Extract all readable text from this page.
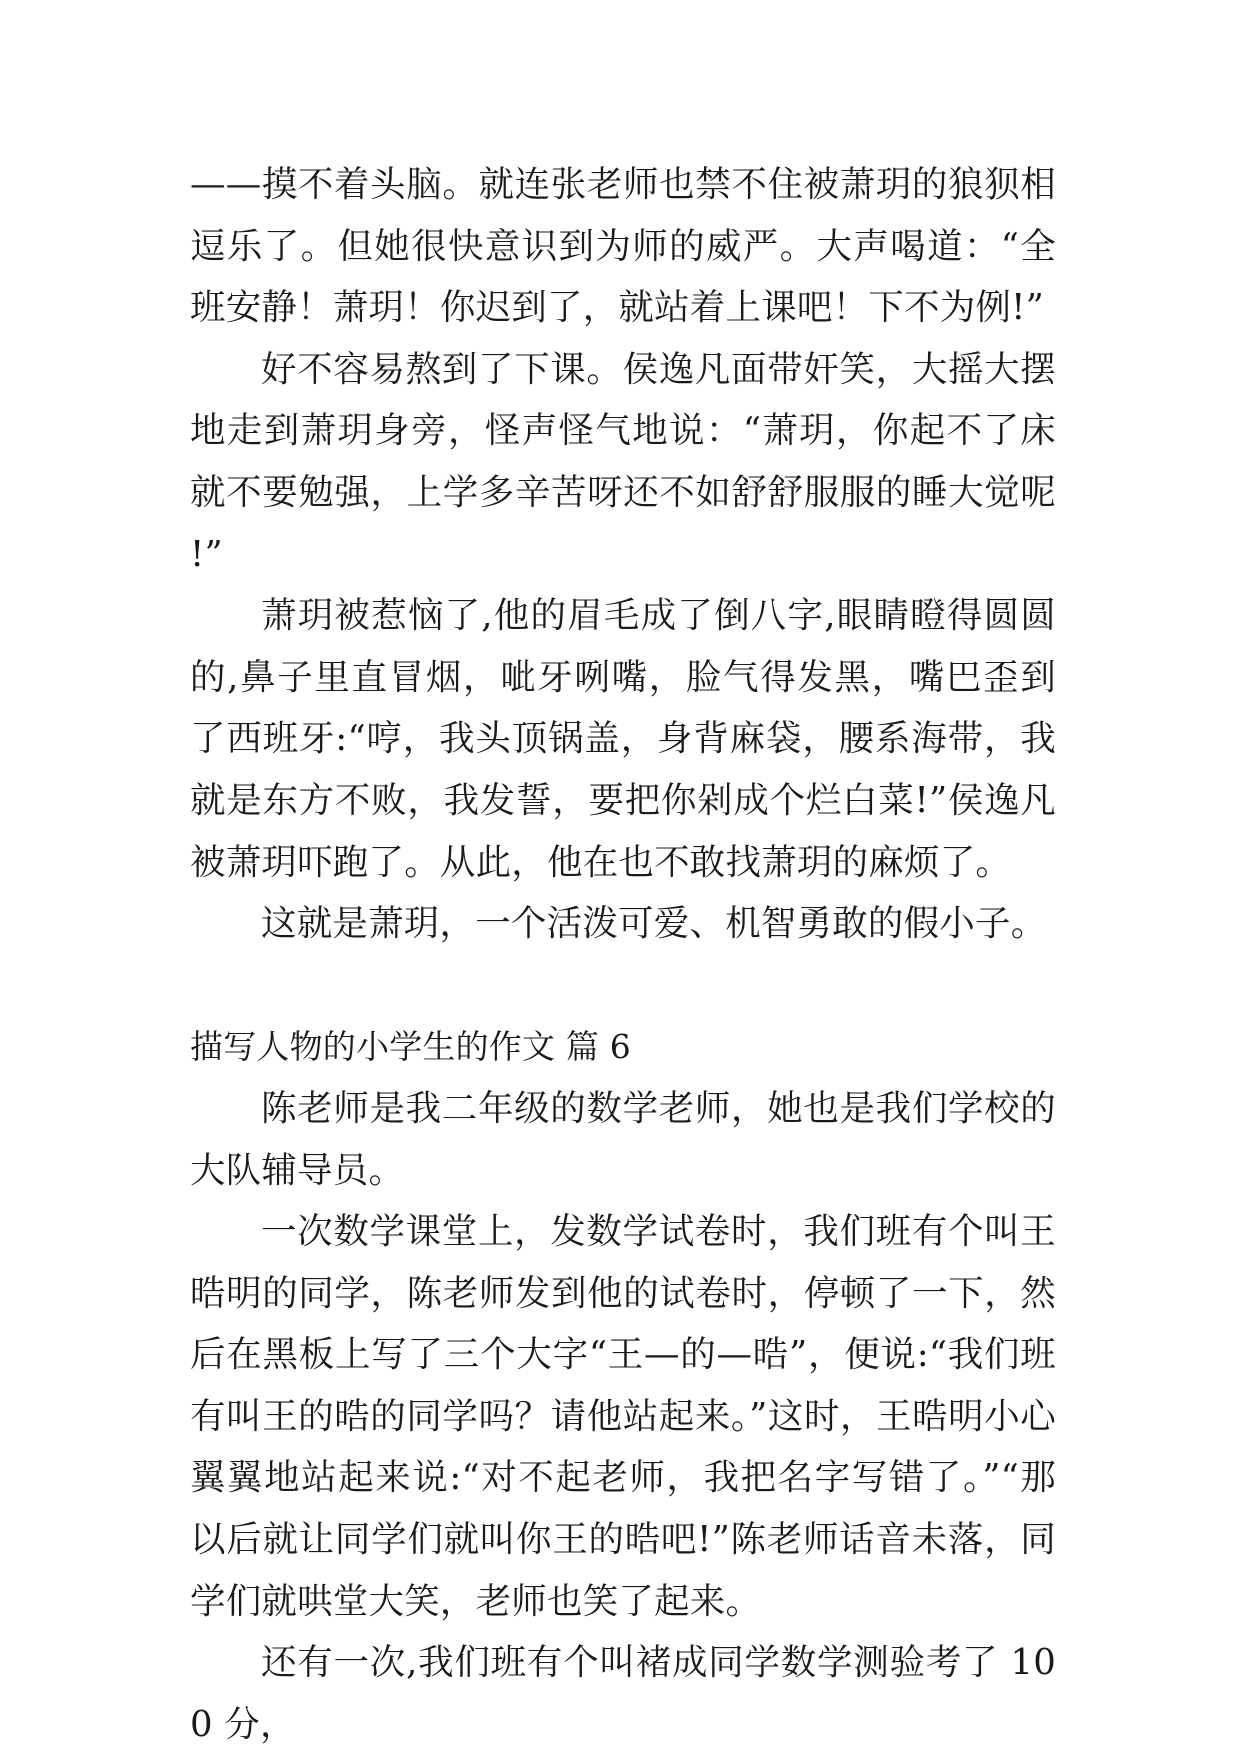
——摸不着头脑。就连张老师也禁不住被萧玥的狼狈相逗乐了。但她很快意识到为师的威严。大声喝道：“全班安静！萧玥！你迟到了，就站着上课吧！下不为例!”

好不容易熬到了下课。侯逸凡面带奸笑，大摇大摆地走到萧玥身旁，怪声怪气地说：“萧玥，你起不了床就不要勉强，上学多辛苦呀还不如舒舒服服的睡大觉呢!”

萧玥被惹恼了,他的眉毛成了倒八字,眼睛瞪得圆圆的,鼻子里直冒烟，呲牙咧嘴，脸气得发黑，嘴巴歪到了西班牙:“哼，我头顶锅盖，身背麻袋，腰系海带，我就是东方不败，我发誓，要把你剁成个烂白菜!”侯逸凡被萧玥吓跑了。从此，他在也不敢找萧玥的麻烦了。

这就是萧玥，一个活泼可爱、机智勇敢的假小子。

描写人物的小学生的作文 篇 6

陈老师是我二年级的数学老师，她也是我们学校的大队辅导员。

一次数学课堂上，发数学试卷时，我们班有个叫王晧明的同学，陈老师发到他的试卷时，停顿了一下，然后在黑板上写了三个大字“王—的—晧”，便说:“我们班有叫王的晧的同学吗？请他站起来。”这时，王晧明小心翼翼地站起来说:“对不起老师，我把名字写错了。”“那以后就让同学们就叫你王的晧吧!”陈老师话音未落，同学们就哄堂大笑，老师也笑了起来。

还有一次,我们班有个叫褚成同学数学测验考了 100 分，
